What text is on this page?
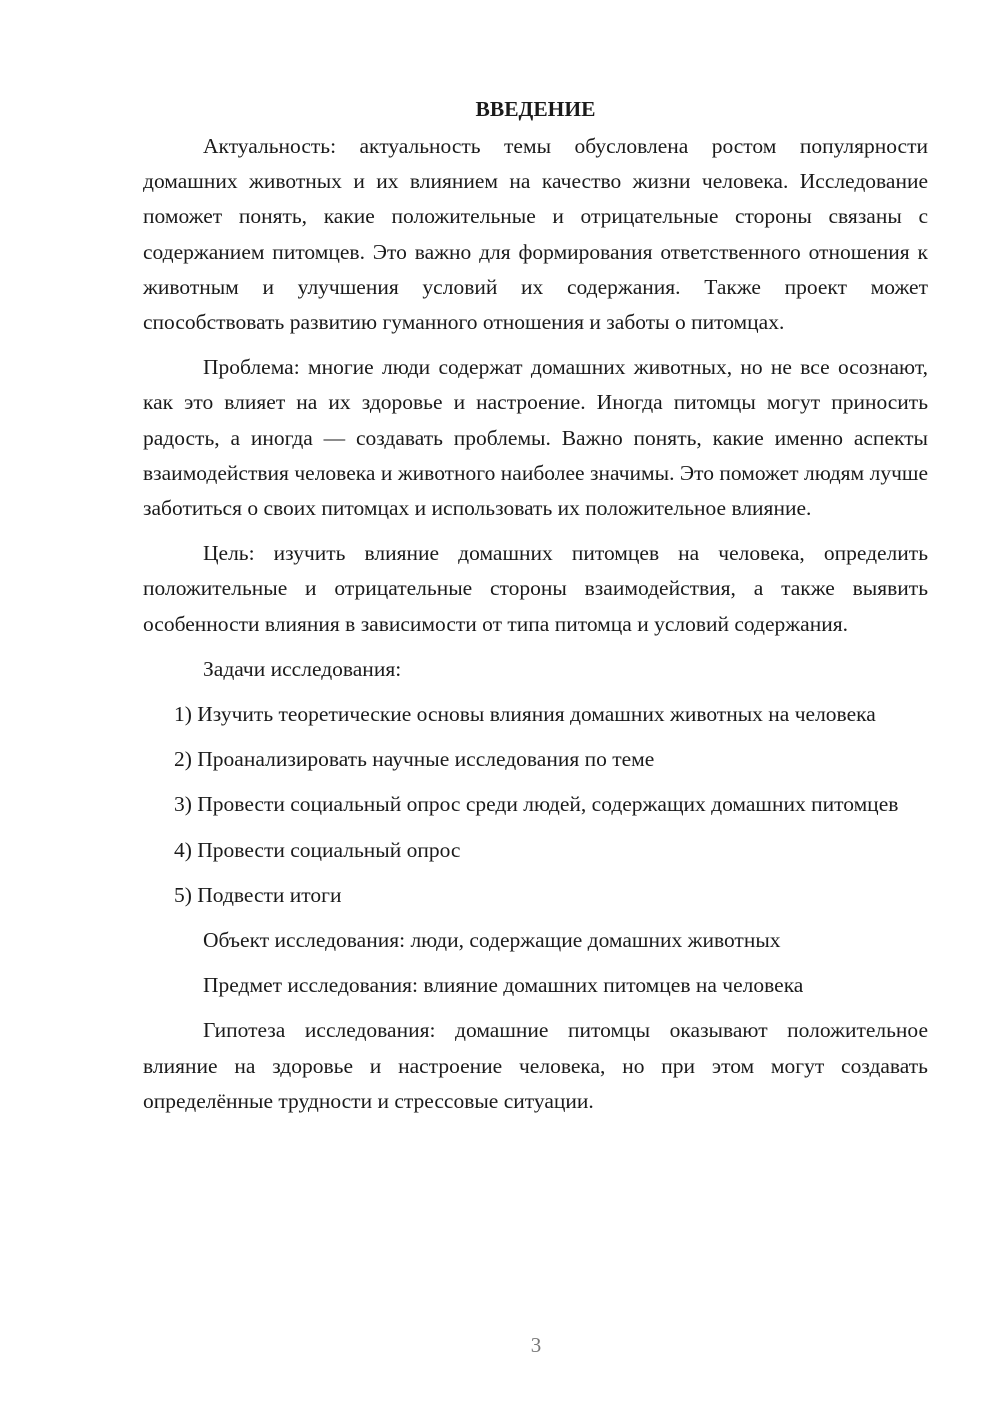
ВВЕДЕНИЕ

Актуальность: актуальность темы обусловлена ростом популярности домашних животных и их влиянием на качество жизни человека. Исследование поможет понять, какие положительные и отрицательные стороны связаны с содержанием питомцев. Это важно для формирования ответственного отношения к животным и улучшения условий их содержания. Также проект может способствовать развитию гуманного отношения и заботы о питомцах.

Проблема: многие люди содержат домашних животных, но не все осознают, как это влияет на их здоровье и настроение. Иногда питомцы могут приносить радость, а иногда — создавать проблемы. Важно понять, какие именно аспекты взаимодействия человека и животного наиболее значимы. Это поможет людям лучше заботиться о своих питомцах и использовать их положительное влияние.

Цель: изучить влияние домашних питомцев на человека, определить положительные и отрицательные стороны взаимодействия, а также выявить особенности влияния в зависимости от типа питомца и условий содержания.

Задачи исследования:

1) Изучить теоретические основы влияния домашних животных на человека

2) Проанализировать научные исследования по теме

3) Провести социальный опрос среди людей, содержащих домашних питомцев

4) Провести социальный опрос

5) Подвести итоги

Объект исследования: люди, содержащие домашних животных

Предмет исследования: влияние домашних питомцев на человека

Гипотеза исследования: домашние питомцы оказывают положительное влияние на здоровье и настроение человека, но при этом могут создавать определённые трудности и стрессовые ситуации.

3
